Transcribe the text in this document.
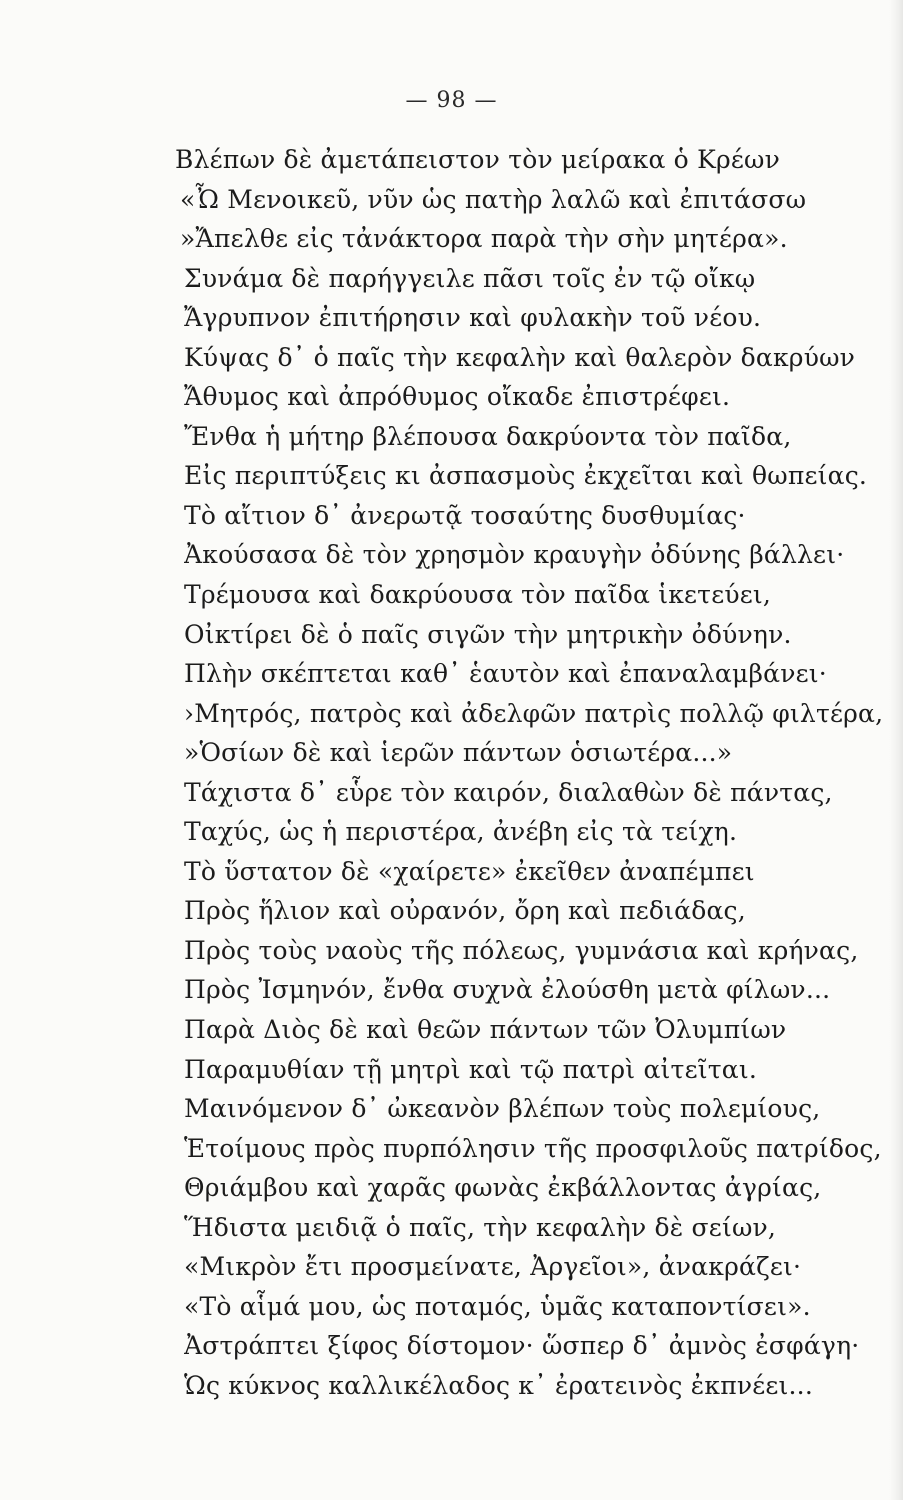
— 98 —
Βλέπων δὲ ἀμετάπειστον τὸν μείρακα ὁ Κρέων
«Ὦ Μενοικεῦ, νῦν ὡς πατὴρ λαλῶ καὶ ἐπιτάσσω
»Ἄπελθε εἰς τἀνάκτορα παρὰ τὴν σὴν μητέρα».
Συνάμα δὲ παρήγγειλε πᾶσι τοῖς ἐν τῷ οἴκῳ
Ἄγρυπνον ἐπιτήρησιν καὶ φυλακὴν τοῦ νέου.
Κύψας δ᾿ ὁ παῖς τὴν κεφαλὴν καὶ θαλερὸν δακρύων
Ἄθυμος καὶ ἀπρόθυμος οἴκαδε ἐπιστρέφει.
Ἔνθα ἡ μήτηρ βλέπουσα δακρύοντα τὸν παῖδα,
Εἰς περιπτύξεις κι ἀσπασμοὺς ἐκχεῖται καὶ θωπείας.
Τὸ αἴτιον δ᾿ ἀνερωτᾷ τοσαύτης δυσθυμίας·
Ἀκούσασα δὲ τὸν χρησμὸν κραυγὴν ὀδύνης βάλλει·
Τρέμουσα καὶ δακρύουσα τὸν παῖδα ἱκετεύει,
Οἰκτίρει δὲ ὁ παῖς σιγῶν τὴν μητρικὴν ὀδύνην.
Πλὴν σκέπτεται καθ᾿ ἑαυτὸν καὶ ἐπαναλαμβάνει·
›Μητρός, πατρὸς καὶ ἀδελφῶν πατρὶς πολλῷ φιλτέρα,
»Ὁσίων δὲ καὶ ἱερῶν πάντων ὁσιωτέρα...»
Τάχιστα δ᾿ εὗρε τὸν καιρόν, διαλαθὼν δὲ πάντας,
Ταχύς, ὡς ἡ περιστέρα, ἀνέβη εἰς τὰ τείχη.
Τὸ ὕστατον δὲ «χαίρετε» ἐκεῖθεν ἀναπέμπει
Πρὸς ἥλιον καὶ οὐρανόν, ὄρη καὶ πεδιάδας,
Πρὸς τοὺς ναοὺς τῆς πόλεως, γυμνάσια καὶ κρήνας,
Πρὸς Ἰσμηνόν, ἔνθα συχνὰ ἐλούσθη μετὰ φίλων...
Παρὰ Διὸς δὲ καὶ θεῶν πάντων τῶν Ὀλυμπίων
Παραμυθίαν τῇ μητρὶ καὶ τῷ πατρὶ αἰτεῖται.
Μαινόμενον δ᾿ ὠκεανὸν βλέπων τοὺς πολεμίους,
Ἑτοίμους πρὸς πυρπόλησιν τῆς προσφιλοῦς πατρίδος,
Θριάμβου καὶ χαρᾶς φωνὰς ἐκβάλλοντας ἀγρίας,
Ἥδιστα μειδιᾷ ὁ παῖς, τὴν κεφαλὴν δὲ σείων,
«Μικρὸν ἔτι προσμείνατε, Ἀργεῖοι», ἀνακράζει·
«Τὸ αἷμά μου, ὡς ποταμός, ὑμᾶς καταποντίσει».
Ἀστράπτει ξίφος δίστομον· ὥσπερ δ᾿ ἀμνὸς ἐσφάγη·
Ὡς κύκνος καλλικέλαδος κ᾿ ἐρατεινὸς ἐκπνέει...
